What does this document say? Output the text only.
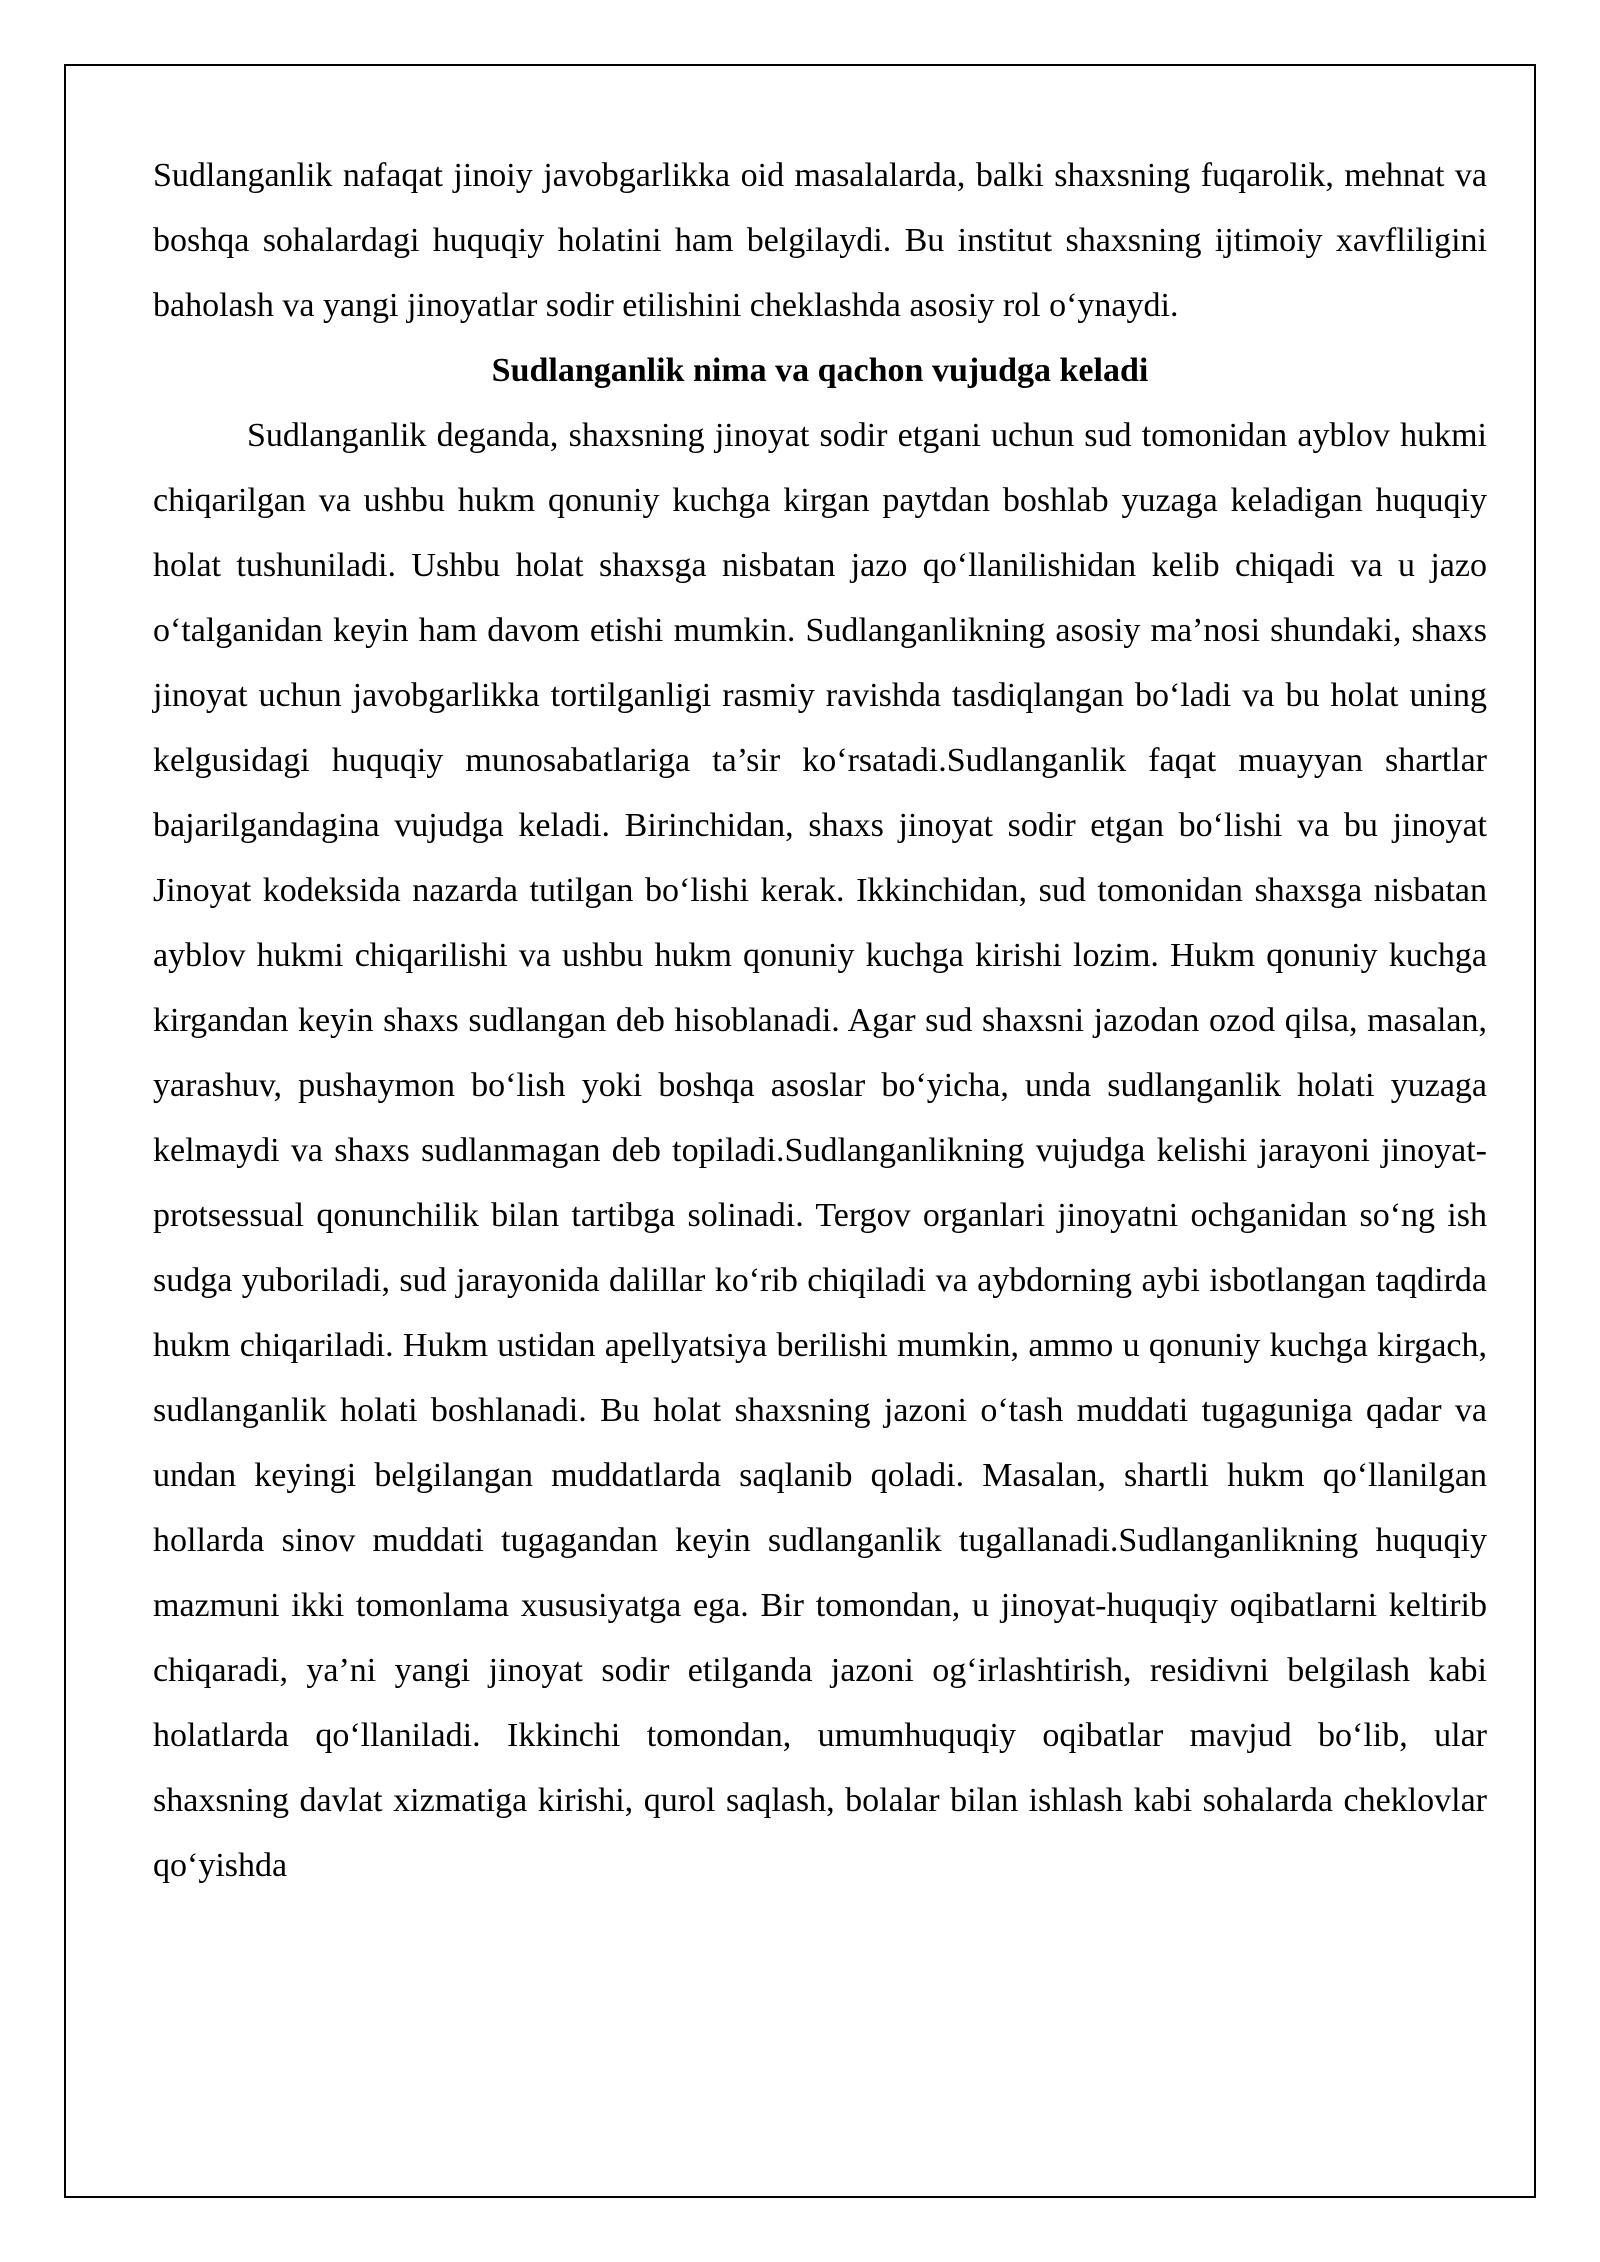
Sudlanganlik nafaqat jinoiy javobgarlikka oid masalalarda, balki shaxsning fuqarolik, mehnat va boshqa sohalardagi huquqiy holatini ham belgilaydi. Bu institut shaxsning ijtimoiy xavfliligini baholash va yangi jinoyatlar sodir etilishini cheklashda asosiy rol o‘ynaydi.

Sudlanganlik nima va qachon vujudga keladi

Sudlanganlik deganda, shaxsning jinoyat sodir etgani uchun sud tomonidan ayblov hukmi chiqarilgan va ushbu hukm qonuniy kuchga kirgan paytdan boshlab yuzaga keladigan huquqiy holat tushuniladi. Ushbu holat shaxsga nisbatan jazo qo‘llanilishidan kelib chiqadi va u jazo o‘talganidan keyin ham davom etishi mumkin. Sudlanganlikning asosiy ma’nosi shundaki, shaxs jinoyat uchun javobgarlikka tortilganligi rasmiy ravishda tasdiqlangan bo‘ladi va bu holat uning kelgusidagi huquqiy munosabatlariga ta’sir ko‘rsatadi.Sudlanganlik faqat muayyan shartlar bajarilgandagina vujudga keladi. Birinchidan, shaxs jinoyat sodir etgan bo‘lishi va bu jinoyat Jinoyat kodeksida nazarda tutilgan bo‘lishi kerak. Ikkinchidan, sud tomonidan shaxsga nisbatan ayblov hukmi chiqarilishi va ushbu hukm qonuniy kuchga kirishi lozim. Hukm qonuniy kuchga kirgandan keyin shaxs sudlangan deb hisoblanadi. Agar sud shaxsni jazodan ozod qilsa, masalan, yarashuv, pushaymon bo‘lish yoki boshqa asoslar bo‘yicha, unda sudlanganlik holati yuzaga kelmaydi va shaxs sudlanmagan deb topiladi.Sudlanganlikning vujudga kelishi jarayoni jinoyat-protsessual qonunchilik bilan tartibga solinadi. Tergov organlari jinoyatni ochganidan so‘ng ish sudga yuboriladi, sud jarayonida dalillar ko‘rib chiqiladi va aybdorning aybi isbotlangan taqdirda hukm chiqariladi. Hukm ustidan apellyatsiya berilishi mumkin, ammo u qonuniy kuchga kirgach, sudlanganlik holati boshlanadi. Bu holat shaxsning jazoni o‘tash muddati tugaguniga qadar va undan keyingi belgilangan muddatlarda saqlanib qoladi. Masalan, shartli hukm qo‘llanilgan hollarda sinov muddati tugagandan keyin sudlanganlik tugallanadi.Sudlanganlikning huquqiy mazmuni ikki tomonlama xususiyatga ega. Bir tomondan, u jinoyat-huquqiy oqibatlarni keltirib chiqaradi, ya’ni yangi jinoyat sodir etilganda jazoni og‘irlashtirish, residivni belgilash kabi holatlarda qo‘llaniladi. Ikkinchi tomondan, umumhuquqiy oqibatlar mavjud bo‘lib, ular shaxsning davlat xizmatiga kirishi, qurol saqlash, bolalar bilan ishlash kabi sohalarda cheklovlar qo‘yishda
